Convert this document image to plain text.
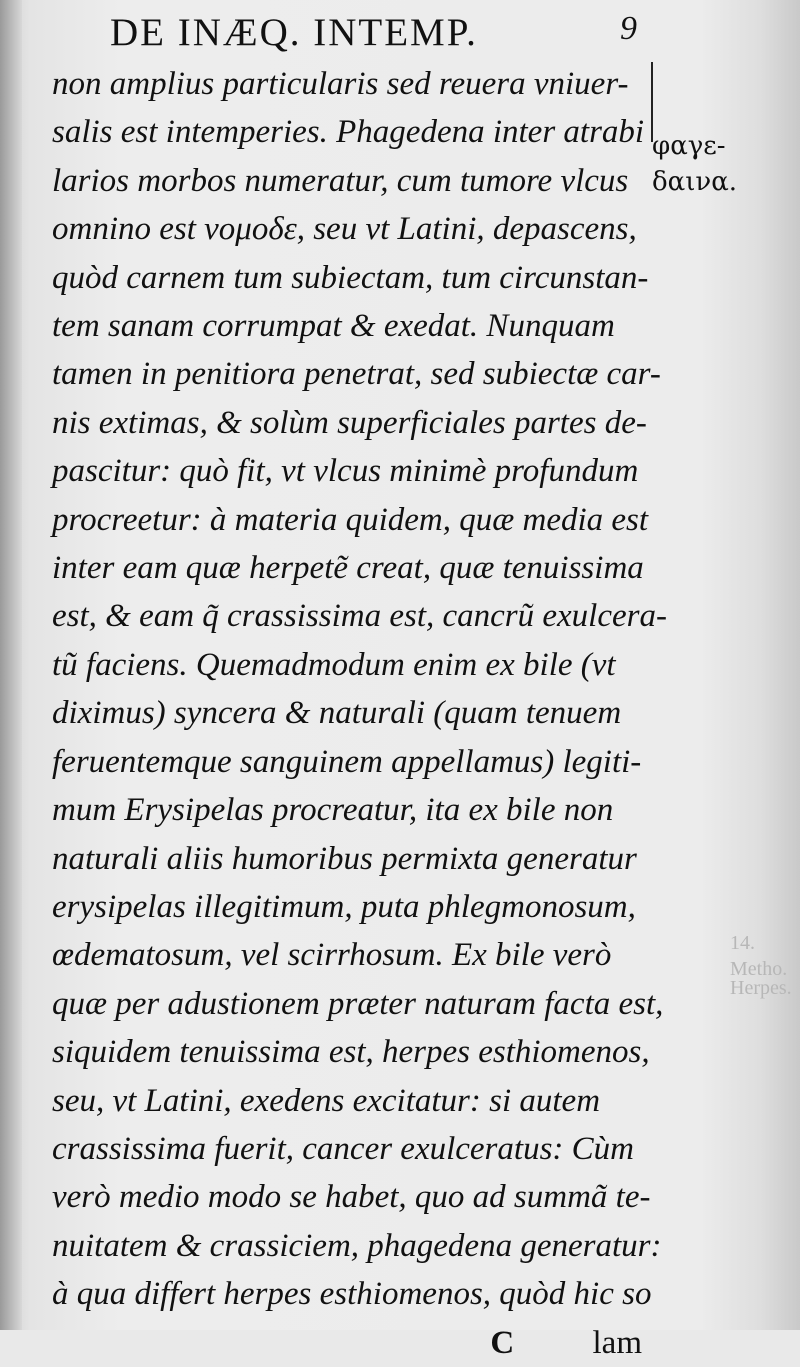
DE INÆQ. INTEMP.	9
φαγε-
δαινα.
14. Metho.
Herpes.
non amplius particularis sed reuera vniuer-
salis est intemperies. Phagedena inter atrabi
larios morbos numeratur, cum tumore vlcus
omnino est νομοδε, seu vt Latini, depascens,
quòd carnem tum subiectam, tum circunstan-
tem sanam corrumpat & exedat. Nunquam
tamen in penitiora penetrat, sed subiectæ car-
nis extimas, & solùm superficiales partes de-
pascitur: quò fit, vt vlcus minimè profundum
procreetur: à materia quidem, quæ media est
inter eam quæ herpetẽ creat, quæ tenuissima
est, & eam q̃ crassissima est, cancrũ exulcera-
tũ faciens. Quemadmodum enim ex bile (vt
diximus) syncera & naturali (quam tenuem
feruentemque sanguinem appellamus) legiti-
mum Erysipelas procreatur, ita ex bile non
naturali aliis humoribus permixta generatur
erysipelas illegitimum, puta phlegmonosum,
œdematosum, vel scirrhosum. Ex bile verò
quæ per adustionem præter naturam facta est,
siquidem tenuissima est, herpes esthiomenos,
seu, vt Latini, exedens excitatur: si autem
crassissima fuerit, cancer exulceratus: Cùm
verò medio modo se habet, quo ad summã te-
nuitatem & crassiciem, phagedena generatur:
à qua differt herpes esthiomenos, quòd hic so
C lam
